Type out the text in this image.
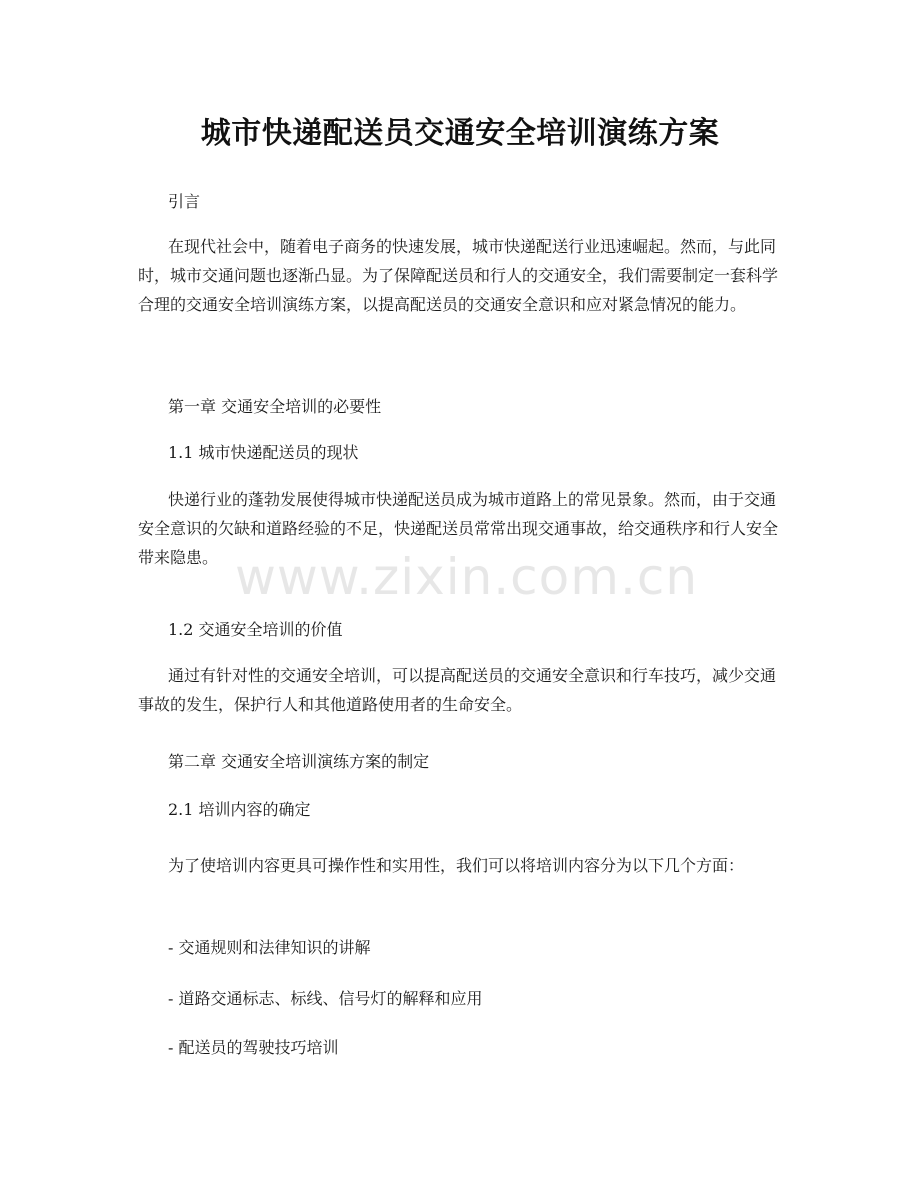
www.zixin.com.cn
城市快递配送员交通安全培训演练方案

引言

在现代社会中，随着电子商务的快速发展，城市快递配送行业迅速崛起。然而，与此同时，城市交通问题也逐渐凸显。为了保障配送员和行人的交通安全，我们需要制定一套科学合理的交通安全培训演练方案，以提高配送员的交通安全意识和应对紧急情况的能力。

第一章 交通安全培训的必要性

1.1 城市快递配送员的现状

快递行业的蓬勃发展使得城市快递配送员成为城市道路上的常见景象。然而，由于交通安全意识的欠缺和道路经验的不足，快递配送员常常出现交通事故，给交通秩序和行人安全带来隐患。

1.2 交通安全培训的价值

通过有针对性的交通安全培训，可以提高配送员的交通安全意识和行车技巧，减少交通事故的发生，保护行人和其他道路使用者的生命安全。

第二章 交通安全培训演练方案的制定

2.1 培训内容的确定

为了使培训内容更具可操作性和实用性，我们可以将培训内容分为以下几个方面：

- 交通规则和法律知识的讲解

- 道路交通标志、标线、信号灯的解释和应用

- 配送员的驾驶技巧培训
